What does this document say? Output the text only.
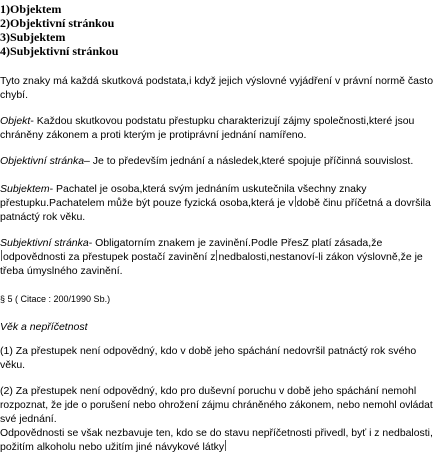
1)Objektem
2)Objektivní stránkou
3)Subjektem
4)Subjektivní stránkou
Tyto znaky má každá skutková podstata,i když jejich výslovné vyjádření v právní normě často
chybí.
Objekt- Každou skutkovou podstatu přestupku charakterizují zájmy společnosti,které jsou
chráněny zákonem a proti kterým je protiprávní jednání namířeno.
Objektivní stránka– Je to především jednání a následek,které spojuje příčinná souvislost.
Subjektem- Pachatel je osoba,která svým jednáním uskutečnila všechny znaky
přestupku.Pachatelem může být pouze fyzická osoba,která je v době činu příčetná a dovršila
patnáctý rok věku.
Subjektivní stránka- Obligatorním znakem je zavinění.Podle PřesZ platí zásada,že
odpovědnosti za přestupek postačí zavinění z nedbalosti,nestanoví-li zákon výslovně,že je
třeba úmyslného zavinění.
§ 5 ( Citace : 200/1990 Sb.)
Věk a nepříčetnost
(1) Za přestupek není odpovědný, kdo v době jeho spáchání nedovršil patnáctý rok svého
věku.
(2) Za přestupek není odpovědný, kdo pro duševní poruchu v době jeho spáchání nemohl
rozpoznat, že jde o porušení nebo ohrožení zájmu chráněného zákonem, nebo nemohl ovládat
své jednání.
Odpovědnosti se však nezbavuje ten, kdo se do stavu nepříčetnosti přivedl, byť i z nedbalosti,
požitím alkoholu nebo užitím jiné návykové látky
